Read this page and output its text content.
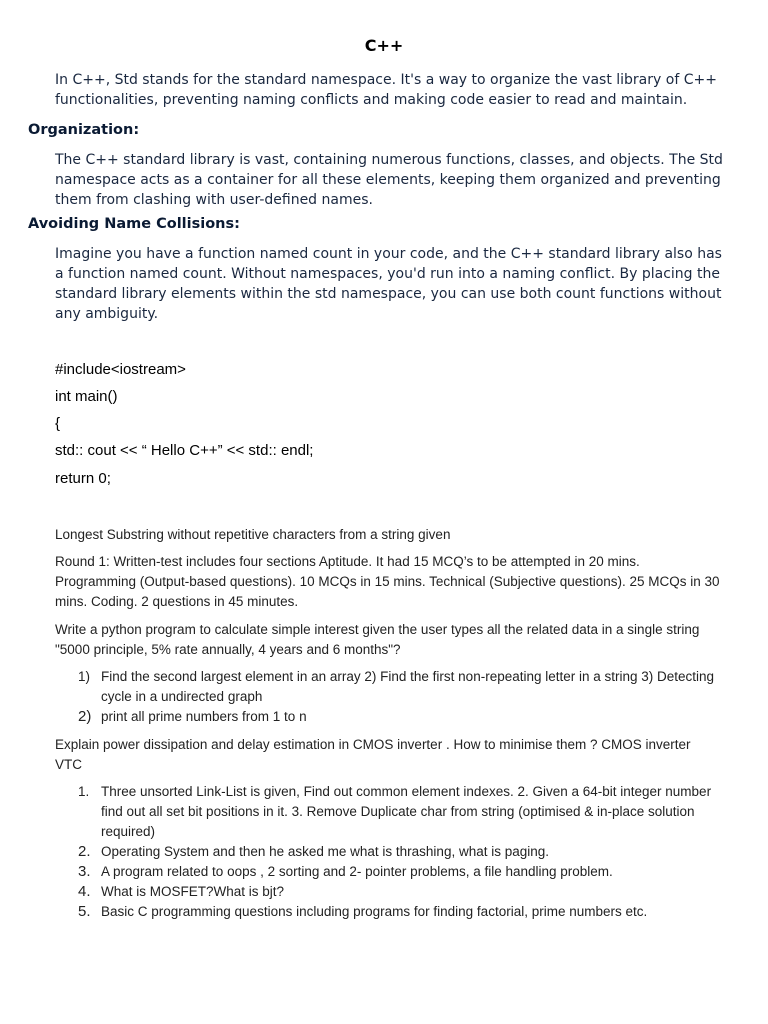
C++
In C++, Std stands for the standard namespace. It's a way to organize the vast library of C++ functionalities, preventing naming conflicts and making code easier to read and maintain.
Organization:
The C++ standard library is vast, containing numerous functions, classes, and objects. The Std namespace acts as a container for all these elements, keeping them organized and preventing them from clashing with user-defined names.
Avoiding Name Collisions:
Imagine you have a function named count in your code, and the C++ standard library also has a function named count. Without namespaces, you'd run into a naming conflict. By placing the standard library elements within the std namespace, you can use both count functions without any ambiguity.
#include<iostream>
int main()
{
std:: cout << “ Hello C++” << std:: endl;
return 0;
Longest Substring without repetitive characters from a string given
Round 1: Written-test includes four sections Aptitude. It had 15 MCQ’s to be attempted in 20 mins. Programming (Output-based questions). 10 MCQs in 15 mins. Technical (Subjective questions). 25 MCQs in 30 mins. Coding. 2 questions in 45 minutes.
Write a python program to calculate simple interest given the user types all the related data in a single string "5000 principle, 5% rate annually, 4 years and 6 months"?
1) Find the second largest element in an array 2) Find the first non-repeating letter in a string 3) Detecting cycle in a undirected graph
2) print all prime numbers from 1 to n
Explain power dissipation and delay estimation in CMOS inverter . How to minimise them ? CMOS inverter VTC
1. Three unsorted Link-List is given, Find out common element indexes. 2. Given a 64-bit integer number find out all set bit positions in it. 3. Remove Duplicate char from string (optimised & in-place solution required)
2. Operating System and then he asked me what is thrashing, what is paging.
3. A program related to oops , 2 sorting and 2- pointer problems, a file handling problem.
4. What is MOSFET?What is bjt?
5. Basic C programming questions including programs for finding factorial, prime numbers etc.
